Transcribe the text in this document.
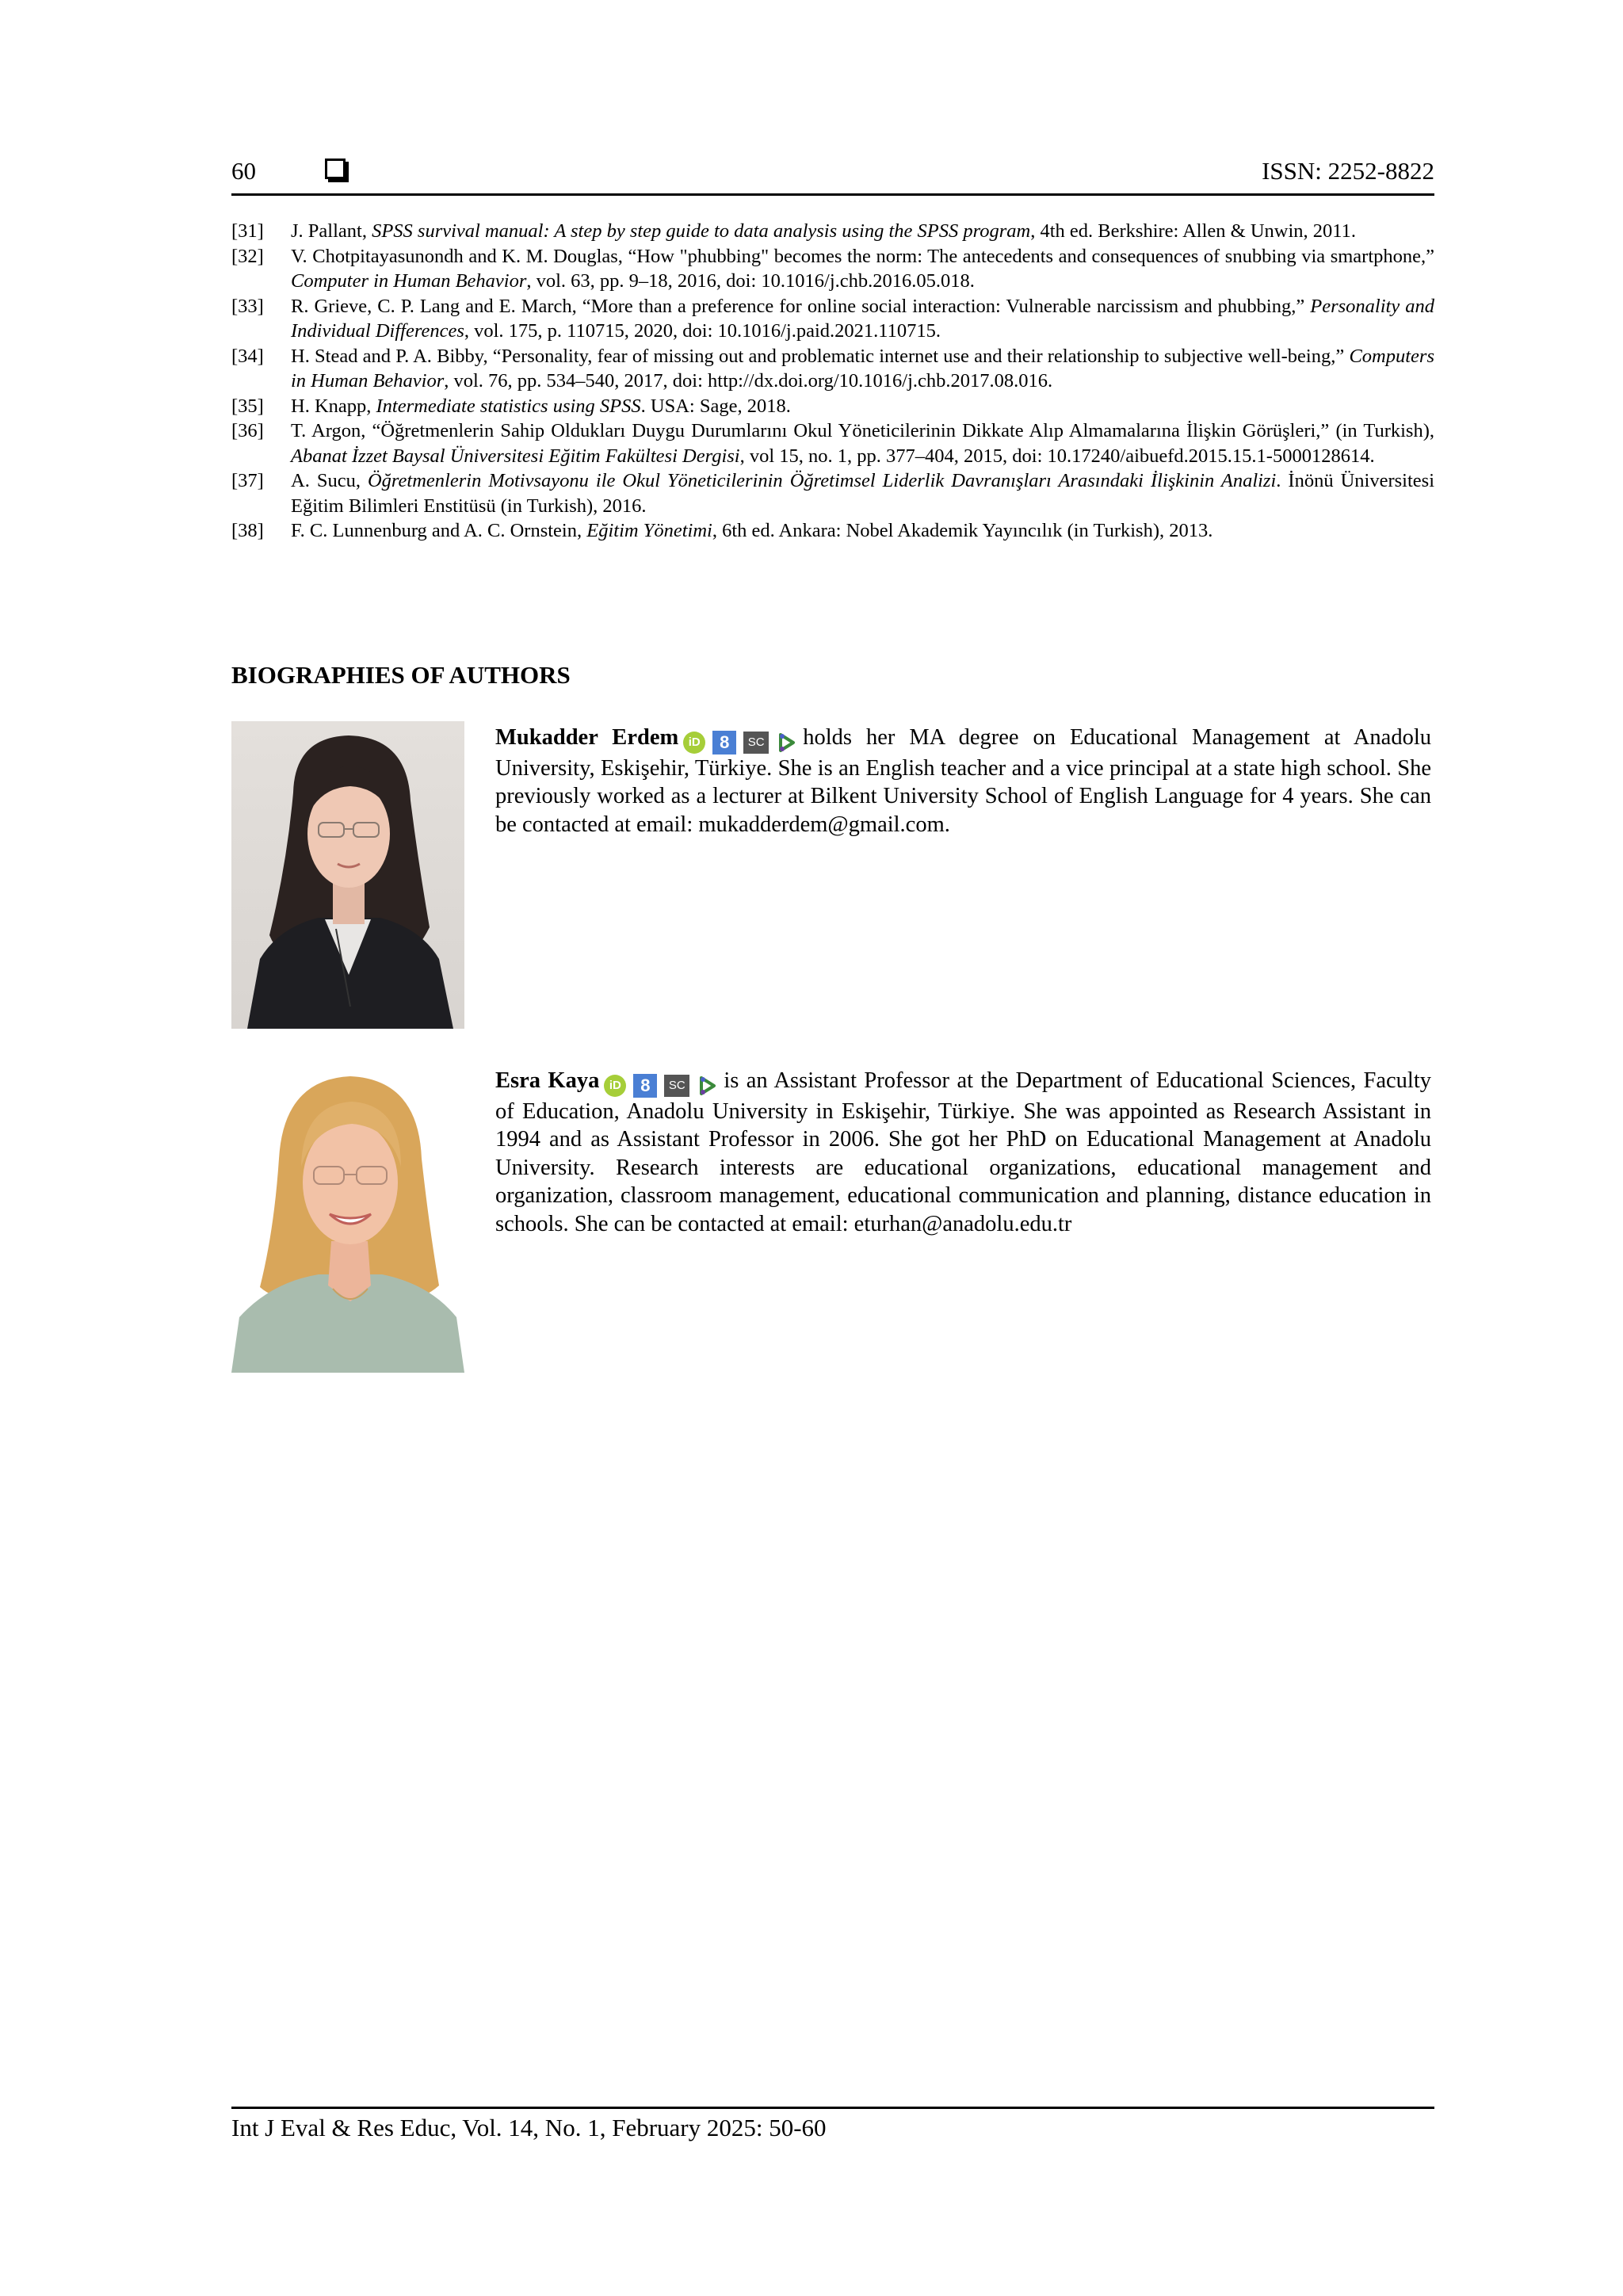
60	ISSN: 2252-8822
[31]	J. Pallant, SPSS survival manual: A step by step guide to data analysis using the SPSS program, 4th ed. Berkshire: Allen & Unwin, 2011.
[32]	V. Chotpitayasunondh and K. M. Douglas, “How "phubbing" becomes the norm: The antecedents and consequences of snubbing via smartphone,” Computer in Human Behavior, vol. 63, pp. 9–18, 2016, doi: 10.1016/j.chb.2016.05.018.
[33]	R. Grieve, C. P. Lang and E. March, “More than a preference for online social interaction: Vulnerable narcissism and phubbing,” Personality and Individual Differences, vol. 175, p. 110715, 2020, doi: 10.1016/j.paid.2021.110715.
[34]	H. Stead and P. A. Bibby, “Personality, fear of missing out and problematic internet use and their relationship to subjective well-being,” Computers in Human Behavior, vol. 76, pp. 534–540, 2017, doi: http://dx.doi.org/10.1016/j.chb.2017.08.016.
[35]	H. Knapp, Intermediate statistics using SPSS. USA: Sage, 2018.
[36]	T. Argon, “Öğretmenlerin Sahip Oldukları Duygu Durumlarını Okul Yöneticilerinin Dikkate Alıp Almamalarına İlişkin Görüşleri,” (in Turkish), Abanat İzzet Baysal Üniversitesi Eğitim Fakültesi Dergisi, vol 15, no. 1, pp. 377–404, 2015, doi: 10.17240/aibuefd.2015.15.1-5000128614.
[37]	A. Sucu, Öğretmenlerin Motivsayonu ile Okul Yöneticilerinin Öğretimsel Liderlik Davranışları Arasındaki İlişkinin Analizi. İnönü Üniversitesi Eğitim Bilimleri Enstitüsü (in Turkish), 2016.
[38]	F. C. Lunnenburg and A. C. Ornstein, Eğitim Yönetimi, 6th ed. Ankara: Nobel Akademik Yayıncılık (in Turkish), 2013.
BIOGRAPHIES OF AUTHORS
Mukadder Erdem iD	8	SC holds her MA degree on Educational Management at Anadolu University, Eskişehir, Türkiye. She is an English teacher and a vice principal at a state high school. She previously worked as a lecturer at Bilkent University School of English Language for 4 years. She can be contacted at email: mukadderdem@gmail.com.
Esra Kaya iD	8	SC is an Assistant Professor at the Department of Educational Sciences, Faculty of Education, Anadolu University in Eskişehir, Türkiye. She was appointed as Research Assistant in 1994 and as Assistant Professor in 2006. She got her PhD on Educational Management at Anadolu University. Research interests are educational organizations, educational management and organization, classroom management, educational communication and planning, distance education in schools. She can be contacted at email: eturhan@anadolu.edu.tr
Int J Eval & Res Educ, Vol. 14, No. 1, February 2025: 50-60
